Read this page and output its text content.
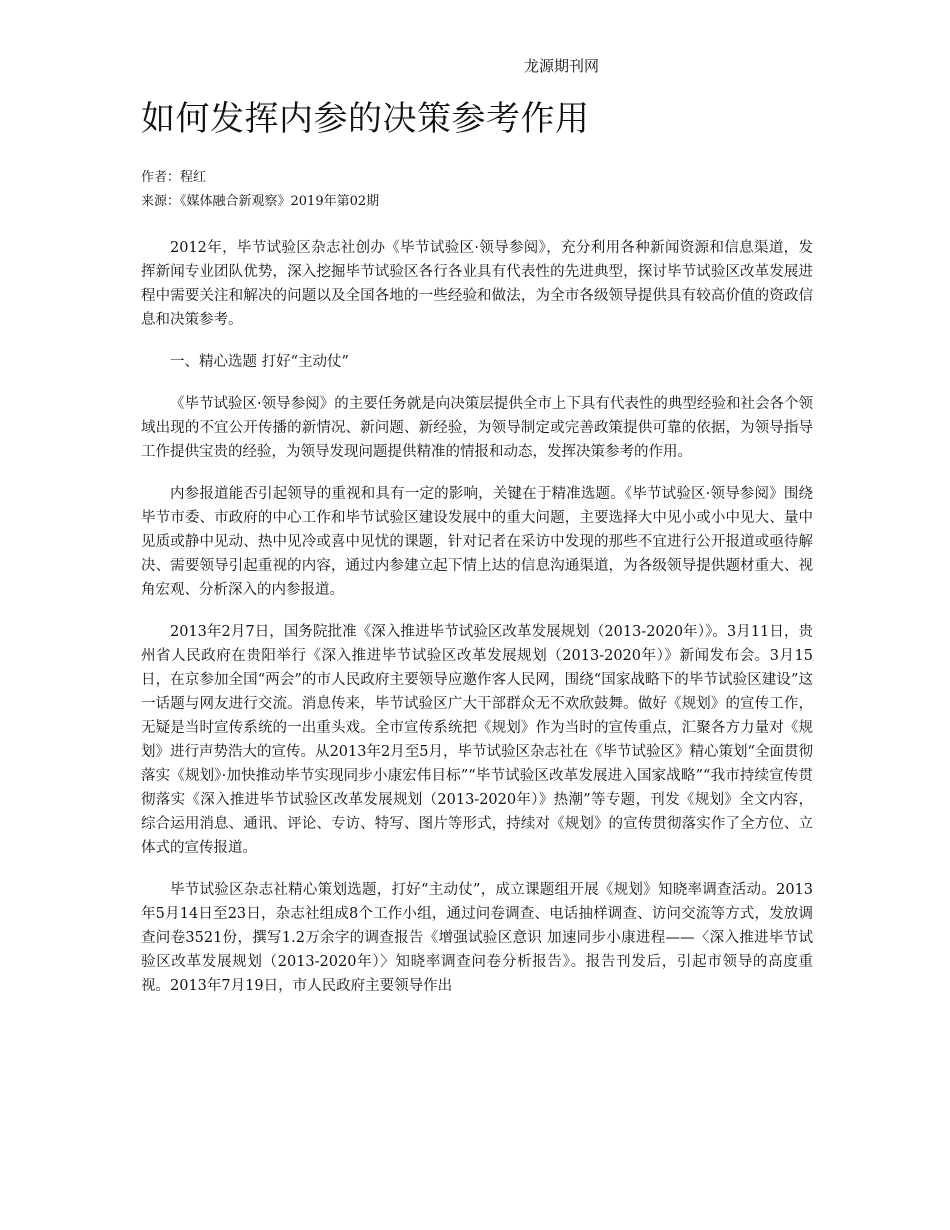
龙源期刊网
如何发挥内参的决策参考作用
作者：程红
来源：《媒体融合新观察》2019年第02期

2012年，毕节试验区杂志社创办《毕节试验区·领导参阅》，充分利用各种新闻资源和信息渠道，发挥新闻专业团队优势，深入挖掘毕节试验区各行各业具有代表性的先进典型，探讨毕节试验区改革发展进程中需要关注和解决的问题以及全国各地的一些经验和做法，为全市各级领导提供具有较高价值的资政信息和决策参考。

一、精心选题 打好“主动仗”

《毕节试验区·领导参阅》的主要任务就是向决策层提供全市上下具有代表性的典型经验和社会各个领域出现的不宜公开传播的新情况、新问题、新经验，为领导制定或完善政策提供可靠的依据，为领导指导工作提供宝贵的经验，为领导发现问题提供精准的情报和动态，发挥决策参考的作用。

内参报道能否引起领导的重视和具有一定的影响，关键在于精准选题。《毕节试验区·领导参阅》围绕毕节市委、市政府的中心工作和毕节试验区建设发展中的重大问题，主要选择大中见小或小中见大、量中见质或静中见动、热中见冷或喜中见忧的课题，针对记者在采访中发现的那些不宜进行公开报道或亟待解决、需要领导引起重视的内容，通过内参建立起下情上达的信息沟通渠道，为各级领导提供题材重大、视角宏观、分析深入的内参报道。

2013年2月7日，国务院批准《深入推进毕节试验区改革发展规划（2013-2020年）》。3月11日，贵州省人民政府在贵阳举行《深入推进毕节试验区改革发展规划（2013-2020年）》新闻发布会。3月15日，在京参加全国“两会”的市人民政府主要领导应邀作客人民网，围绕“国家战略下的毕节试验区建设”这一话题与网友进行交流。消息传来，毕节试验区广大干部群众无不欢欣鼓舞。做好《规划》的宣传工作，无疑是当时宣传系统的一出重头戏。全市宣传系统把《规划》作为当时的宣传重点，汇聚各方力量对《规划》进行声势浩大的宣传。从2013年2月至5月，毕节试验区杂志社在《毕节试验区》精心策划“全面贯彻落实《规划》·加快推动毕节实现同步小康宏伟目标”“毕节试验区改革发展进入国家战略”“我市持续宣传贯彻落实《深入推进毕节试验区改革发展规划（2013-2020年）》热潮”等专题，刊发《规划》全文内容，综合运用消息、通讯、评论、专访、特写、图片等形式，持续对《规划》的宣传贯彻落实作了全方位、立体式的宣传报道。

毕节试验区杂志社精心策划选题，打好“主动仗”，成立课题组开展《规划》知晓率调查活动。2013年5月14日至23日，杂志社组成8个工作小组，通过问卷调查、电话抽样调查、访问交流等方式，发放调查问卷3521份，撰写1.2万余字的调查报告《增强试验区意识 加速同步小康进程——〈深入推进毕节试验区改革发展规划（2013-2020年）〉知晓率调查问卷分析报告》。报告刊发后，引起市领导的高度重视。2013年7月19日，市人民政府主要领导作出
